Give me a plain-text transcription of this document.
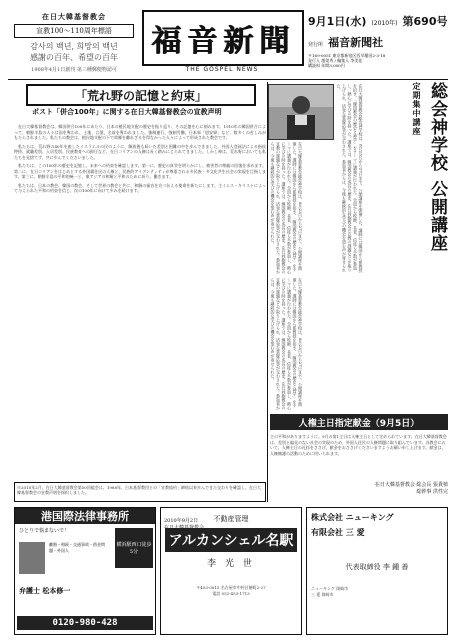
在日大韓基督教会
宣教100〜110周年標語
감사의 백년, 희망의 백년
感謝の百年、希望の百年
1908年4月1日創刊 第三種郵便物認可
福音新聞
THE GOSPEL NEWS
9月1日(水) (2010年) 第690号
発行所 福音新聞社
〒169-0051 東京都新宿区西早稲田2-3-18
発行人 趙榮秀 / 編集人 李美花
購読料 年間3,000円
「荒れ野の記憶と約束」
ポスト「併合100年」に関する在日大韓基督教会の宣教声明

在日大韓基督教会は、韓国併合100年にあたり、日本の植民地支配の歴史を振り返り、その記憶を心に刻みます。1910年の韓国併合によって、朝鮮半島の人々は国を奪われ、土地、言葉、名前を奪われました。強制連行、強制労働、日本軍「慰安婦」など、数多くの苦しみがもたらされました。私たちの教会は、植民地支配の下で故郷を離れざるを得なかった人々によって形成された教会です。

私たちは、荒れ野の40年を旅したイスラエルの民のように、解放後も続いた差別と困難の中を歩んできました。外国人登録法による指紋押捺、就職差別、入居差別、民族教育への抑圧など、在日コリアンの人権は長く踏みにじられてきました。しかし神は、荒れ野においても私たちを見捨てず、共に歩んでくださいました。

私たちは、この100年の歴史を記憶し、未来への約束を確認します。第一に、歴史の真実を明らかにし、被害者の尊厳の回復を求めます。第二に、在日コリアンをはじめとする外国籍住民の人権と、民族的アイデンティティが尊重される多民族・多文化共生社会の実現を目指します。第三に、朝鮮半島の平和的統一と、東アジアの和解と平和のために祈り、働きます。

私たちは、日本の教会、韓国の教会、そして世界の教会と共に、和解の福音を宣べ伝える使命を新たにします。主イエス・キリストによって与えられた平和の約束を信じ、次の100年に向けて歩みを続けます。

2010年9月2日
総会神学校公開講座
定期集中講座
在日大韓基督教会総会神学校は、8月23日から27日まで、公開講座を開催した。講師には韓国から崔教授を招き、「韓国教会の歴史と神学」をテーマに講義が行われた。全国から牧師、長老、信徒ら多数が参加し、熱心に学びの時を持った。講座では、韓国教会の成長の歴史、在日同胞教会の宣教の課題などが取り上げられ、活発な質疑応答が交わされた。参加者からは、今後も継続的な学びの機会を望む声が寄せられた。
在日大韓基督教会総会神学校は、8月23日から27日まで、公開講座を開催した。講師には韓国から崔教授を招き、「韓国教会の歴史と神学」をテーマに講義が行われた。全国から牧師、長老、信徒ら多数が参加し、熱心に学びの時を持った。講座では、韓国教会の成長の歴史、在日同胞教会の宣教の課題などが取り上げられ、活発な質疑応答が交わされた。参加者からは、今後も継続的な学びの機会を望む声が寄せられた。
在日大韓基督教会総会神学校は、8月23日から27日まで、公開講座を開催した。講師には韓国から崔教授を招き、「韓国教会の歴史と神学」をテーマに講義が行われた。全国から牧師、長老、信徒ら多数が参加し、熱心に学びの時を持った。講座では、韓国教会の成長の歴史、在日同胞教会の宣教の課題などが取り上げられ、活発な質疑応答が交わされた。参加者からは、今後も継続的な学びの機会を望む声が寄せられた。
人権主日指定献金（9月5日）
主の平和がありますように。9月の第1主日は人権主日として定められています。在日大韓基督教会は、差別と偏見のない社会の実現のため、外国人住民の人権問題に取り組んでいます。各教会において、人権主日の礼拝をささげ、献金をおささげくださいますようお願い申し上げます。献金は、人権擁護の活動のために用いられます。
在日大韓基督教会 総会長 張貴植
総幹事 洪性完
※2010年2月、在日大韓基督教会第50回総会は、1988年、日本基督教団との「宣教協約」締結以来歩んできた交わりを確認し、在日大韓基督教会の宣教声明を採択しました。
港国際法律事務所
ひとりで悩まないで！
離婚・相続・交通事故・借金問題・外国人
横浜駅西口徒歩5分
弁護士 松本修一
0120-980-428
不動産管理
アルカンシェル名駅
李 光 世
〒453-0015 名古屋市中村区椿町2-27
電話 052-453-1713
株式会社 ニューキング
有限会社 三 愛
代表取締役 李 鍾 善
ニューキング 岡崎市
三 愛 岡崎市
